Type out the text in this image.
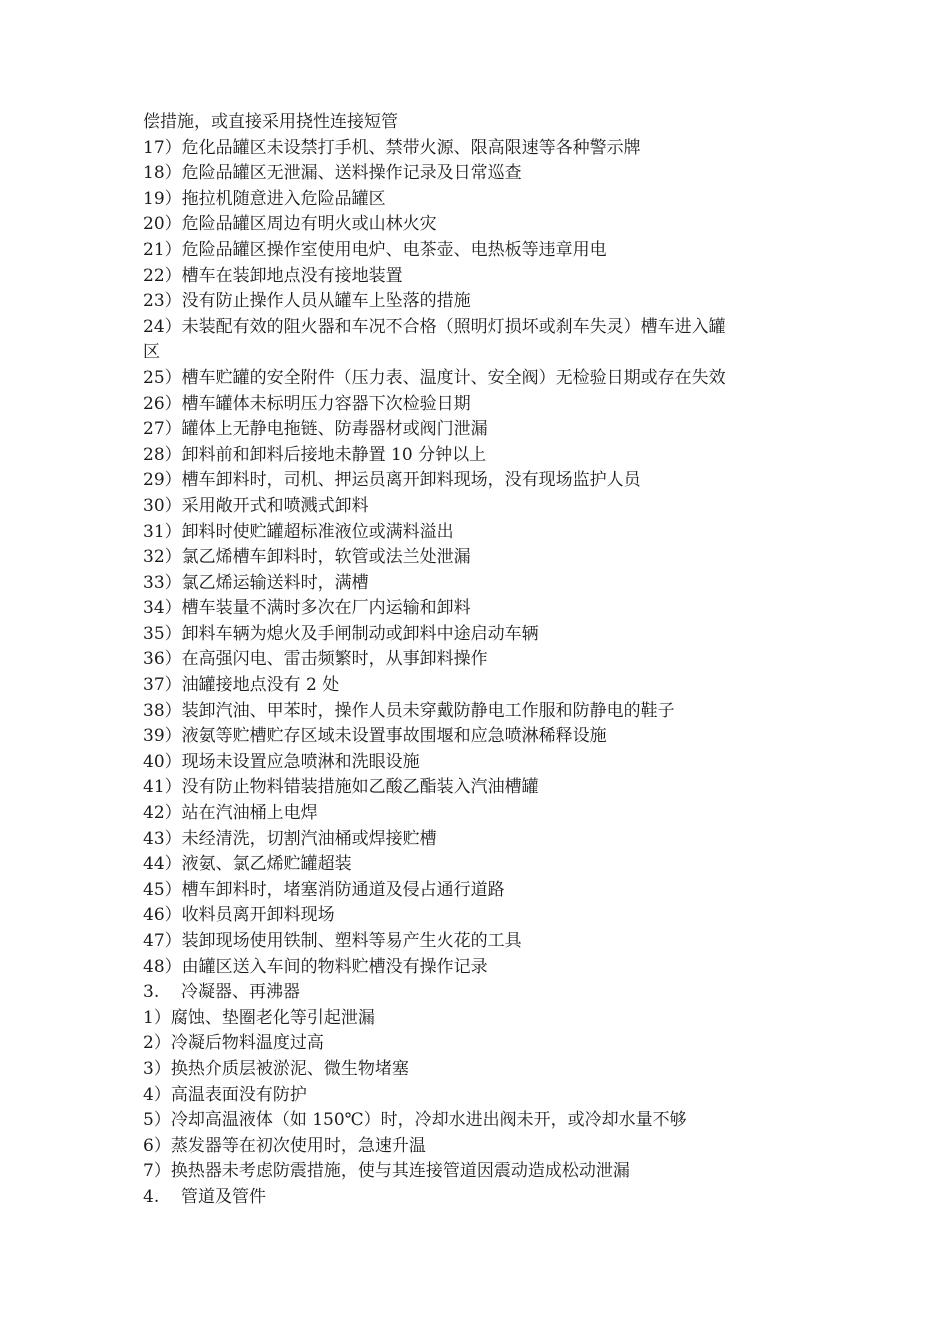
偿措施，或直接采用挠性连接短管
17）危化品罐区未设禁打手机、禁带火源、限高限速等各种警示牌
18）危险品罐区无泄漏、送料操作记录及日常巡查
19）拖拉机随意进入危险品罐区
20）危险品罐区周边有明火或山林火灾
21）危险品罐区操作室使用电炉、电茶壶、电热板等违章用电
22）槽车在装卸地点没有接地装置
23）没有防止操作人员从罐车上坠落的措施
24）未装配有效的阻火器和车况不合格（照明灯损坏或刹车失灵）槽车进入罐
区
25）槽车贮罐的安全附件（压力表、温度计、安全阀）无检验日期或存在失效
26）槽车罐体未标明压力容器下次检验日期
27）罐体上无静电拖链、防毒器材或阀门泄漏
28）卸料前和卸料后接地未静置 10 分钟以上
29）槽车卸料时，司机、押运员离开卸料现场，没有现场监护人员
30）采用敞开式和喷溅式卸料
31）卸料时使贮罐超标准液位或满料溢出
32）氯乙烯槽车卸料时，软管或法兰处泄漏
33）氯乙烯运输送料时，满槽
34）槽车装量不满时多次在厂内运输和卸料
35）卸料车辆为熄火及手闸制动或卸料中途启动车辆
36）在高强闪电、雷击频繁时，从事卸料操作
37）油罐接地点没有 2 处
38）装卸汽油、甲苯时，操作人员未穿戴防静电工作服和防静电的鞋子
39）液氨等贮槽贮存区域未设置事故围堰和应急喷淋稀释设施
40）现场未设置应急喷淋和洗眼设施
41）没有防止物料错装措施如乙酸乙酯装入汽油槽罐
42）站在汽油桶上电焊
43）未经清洗，切割汽油桶或焊接贮槽
44）液氨、氯乙烯贮罐超装
45）槽车卸料时，堵塞消防通道及侵占通行道路
46）收料员离开卸料现场
47）装卸现场使用铁制、塑料等易产生火花的工具
48）由罐区送入车间的物料贮槽没有操作记录
3. 冷凝器、再沸器
1）腐蚀、垫圈老化等引起泄漏
2）冷凝后物料温度过高
3）换热介质层被淤泥、微生物堵塞
4）高温表面没有防护
5）冷却高温液体（如 150℃）时，冷却水进出阀未开，或冷却水量不够
6）蒸发器等在初次使用时，急速升温
7）换热器未考虑防震措施，使与其连接管道因震动造成松动泄漏
4. 管道及管件
